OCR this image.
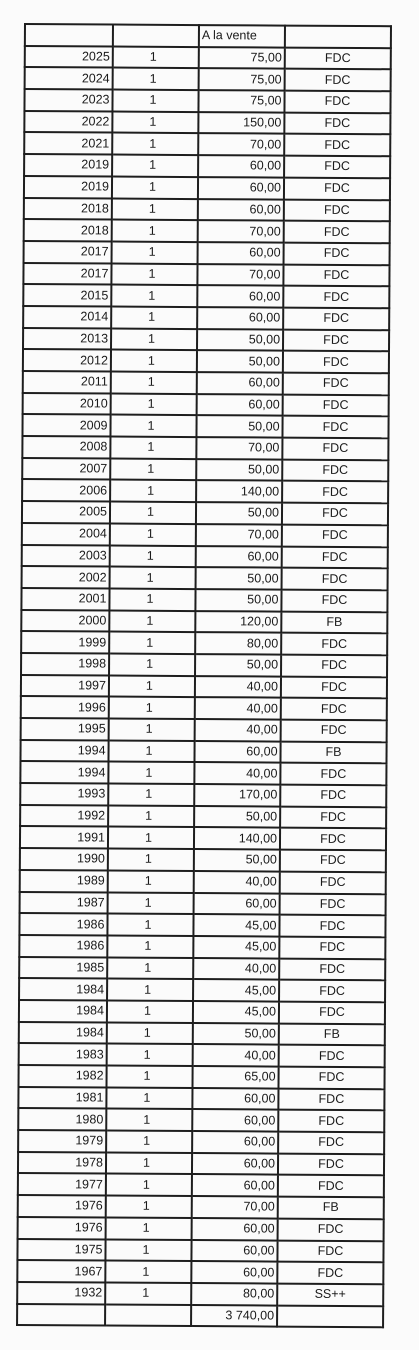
		A la vente	
2025	1	75,00	FDC
2024	1	75,00	FDC
2023	1	75,00	FDC
2022	1	150,00	FDC
2021	1	70,00	FDC
2019	1	60,00	FDC
2019	1	60,00	FDC
2018	1	60,00	FDC
2018	1	70,00	FDC
2017	1	60,00	FDC
2017	1	70,00	FDC
2015	1	60,00	FDC
2014	1	60,00	FDC
2013	1	50,00	FDC
2012	1	50,00	FDC
2011	1	60,00	FDC
2010	1	60,00	FDC
2009	1	50,00	FDC
2008	1	70,00	FDC
2007	1	50,00	FDC
2006	1	140,00	FDC
2005	1	50,00	FDC
2004	1	70,00	FDC
2003	1	60,00	FDC
2002	1	50,00	FDC
2001	1	50,00	FDC
2000	1	120,00	FB
1999	1	80,00	FDC
1998	1	50,00	FDC
1997	1	40,00	FDC
1996	1	40,00	FDC
1995	1	40,00	FDC
1994	1	60,00	FB
1994	1	40,00	FDC
1993	1	170,00	FDC
1992	1	50,00	FDC
1991	1	140,00	FDC
1990	1	50,00	FDC
1989	1	40,00	FDC
1987	1	60,00	FDC
1986	1	45,00	FDC
1986	1	45,00	FDC
1985	1	40,00	FDC
1984	1	45,00	FDC
1984	1	45,00	FDC
1984	1	50,00	FB
1983	1	40,00	FDC
1982	1	65,00	FDC
1981	1	60,00	FDC
1980	1	60,00	FDC
1979	1	60,00	FDC
1978	1	60,00	FDC
1977	1	60,00	FDC
1976	1	70,00	FB
1976	1	60,00	FDC
1975	1	60,00	FDC
1967	1	60,00	FDC
1932	1	80,00	SS++
		3 740,00	
